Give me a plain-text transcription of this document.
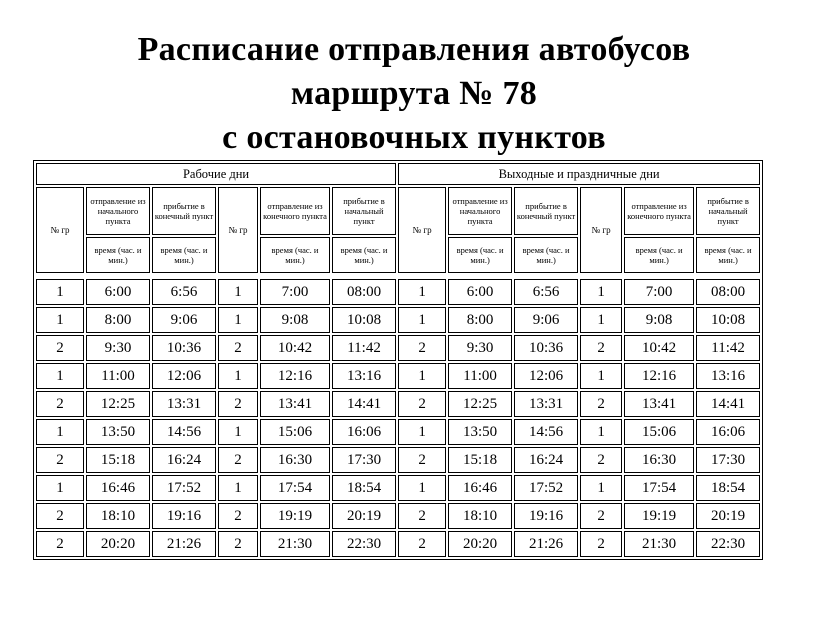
Расписание отправления автобусов
маршрута № 78
с остановочных пунктов
Рабочие дни						Выходные и праздничные дни					
№ гр	отправление из начального пункта	прибытие в конечный пункт	№ гр	отправление из конечного пункта	прибытие в начальный пункт	№ гр	отправление из начального пункта	прибытие в конечный пункт	№ гр	отправление из конечного пункта	прибытие в начальный пункт
	время (час. и мин.)	время (час. и мин.)		время (час. и мин.)	время (час. и мин.)		время (час. и мин.)	время (час. и мин.)		время (час. и мин.)	время (час. и мин.)

1	6:00	6:56	1	7:00	08:00	1	6:00	6:56	1	7:00	08:00
1	8:00	9:06	1	9:08	10:08	1	8:00	9:06	1	9:08	10:08
2	9:30	10:36	2	10:42	11:42	2	9:30	10:36	2	10:42	11:42
1	11:00	12:06	1	12:16	13:16	1	11:00	12:06	1	12:16	13:16
2	12:25	13:31	2	13:41	14:41	2	12:25	13:31	2	13:41	14:41
1	13:50	14:56	1	15:06	16:06	1	13:50	14:56	1	15:06	16:06
2	15:18	16:24	2	16:30	17:30	2	15:18	16:24	2	16:30	17:30
1	16:46	17:52	1	17:54	18:54	1	16:46	17:52	1	17:54	18:54
2	18:10	19:16	2	19:19	20:19	2	18:10	19:16	2	19:19	20:19
2	20:20	21:26	2	21:30	22:30	2	20:20	21:26	2	21:30	22:30
